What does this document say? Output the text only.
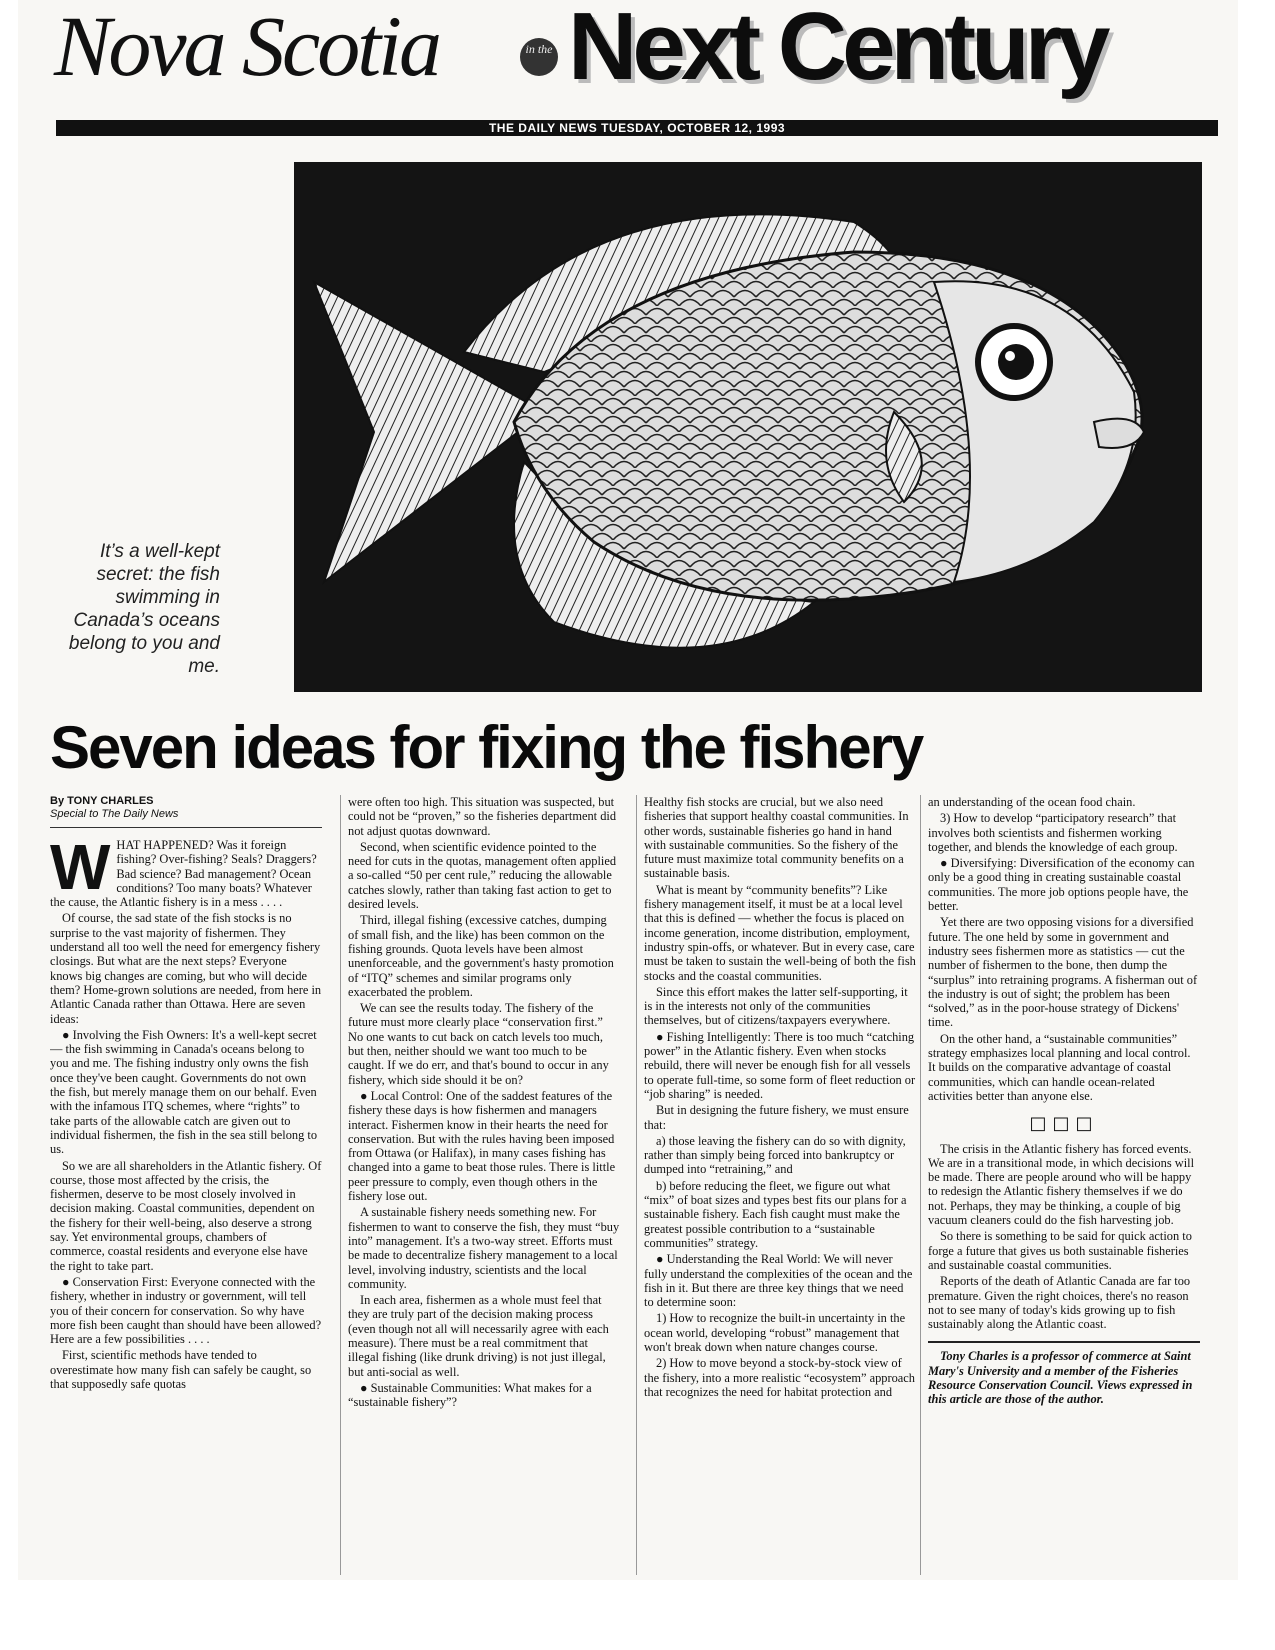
Nova Scotia	in the Next Century
THE DAILY NEWS TUESDAY, OCTOBER 12, 1993
It’s a well-kept secret: the fish swimming in Canada’s oceans belong to you and me.
Seven ideas for fixing the fishery
By TONY CHARLES
Special to The Daily News
W HAT HAPPENED? Was it foreign fishing? Over-fishing? Seals? Draggers? Bad science? Bad management? Ocean conditions? Too many boats? Whatever the cause, the Atlantic fishery is in a mess . . . .

Of course, the sad state of the fish stocks is no surprise to the vast majority of fishermen. They understand all too well the need for emergency fishery closings. But what are the next steps? Everyone knows big changes are coming, but who will decide them? Home-grown solutions are needed, from here in Atlantic Canada rather than Ottawa. Here are seven ideas:

● Involving the Fish Owners: It's a well-kept secret — the fish swimming in Canada's oceans belong to you and me. The fishing industry only owns the fish once they've been caught. Governments do not own the fish, but merely manage them on our behalf. Even with the infamous ITQ schemes, where “rights” to take parts of the allowable catch are given out to individual fishermen, the fish in the sea still belong to us.

So we are all shareholders in the Atlantic fishery. Of course, those most affected by the crisis, the fishermen, deserve to be most closely involved in decision making. Coastal communities, dependent on the fishery for their well-being, also deserve a strong say. Yet environmental groups, chambers of commerce, coastal residents and everyone else have the right to take part.

● Conservation First: Everyone connected with the fishery, whether in industry or government, will tell you of their concern for conservation. So why have more fish been caught than should have been allowed? Here are a few possibilities . . . .

First, scientific methods have tended to overestimate how many fish can safely be caught, so that supposedly safe quotas

were often too high. This situation was suspected, but could not be “proven,” so the fisheries department did not adjust quotas downward.

Second, when scientific evidence pointed to the need for cuts in the quotas, management often applied a so-called “50 per cent rule,” reducing the allowable catches slowly, rather than taking fast action to get to desired levels.

Third, illegal fishing (excessive catches, dumping of small fish, and the like) has been common on the fishing grounds. Quota levels have been almost unenforceable, and the government's hasty promotion of “ITQ” schemes and similar programs only exacerbated the problem.

We can see the results today. The fishery of the future must more clearly place “conservation first.” No one wants to cut back on catch levels too much, but then, neither should we want too much to be caught. If we do err, and that's bound to occur in any fishery, which side should it be on?

● Local Control: One of the saddest features of the fishery these days is how fishermen and managers interact. Fishermen know in their hearts the need for conservation. But with the rules having been imposed from Ottawa (or Halifax), in many cases fishing has changed into a game to beat those rules. There is little peer pressure to comply, even though others in the fishery lose out.

A sustainable fishery needs something new. For fishermen to want to conserve the fish, they must “buy into” management. It's a two-way street. Efforts must be made to decentralize fishery management to a local level, involving industry, scientists and the local community.

In each area, fishermen as a whole must feel that they are truly part of the decision making process (even though not all will necessarily agree with each measure). There must be a real commitment that illegal fishing (like drunk driving) is not just illegal, but anti-social as well.

● Sustainable Communities: What makes for a “sustainable fishery”?

Healthy fish stocks are crucial, but we also need fisheries that support healthy coastal communities. In other words, sustainable fisheries go hand in hand with sustainable communities. So the fishery of the future must maximize total community benefits on a sustainable basis.

What is meant by “community benefits”? Like fishery management itself, it must be at a local level that this is defined — whether the focus is placed on income generation, income distribution, employment, industry spin-offs, or whatever. But in every case, care must be taken to sustain the well-being of both the fish stocks and the coastal communities.

Since this effort makes the latter self-supporting, it is in the interests not only of the communities themselves, but of citizens/taxpayers everywhere.

● Fishing Intelligently: There is too much “catching power” in the Atlantic fishery. Even when stocks rebuild, there will never be enough fish for all vessels to operate full-time, so some form of fleet reduction or “job sharing” is needed.

But in designing the future fishery, we must ensure that:

a) those leaving the fishery can do so with dignity, rather than simply being forced into bankruptcy or dumped into “retraining,” and

b) before reducing the fleet, we figure out what “mix” of boat sizes and types best fits our plans for a sustainable fishery. Each fish caught must make the greatest possible contribution to a “sustainable communities” strategy.

● Understanding the Real World: We will never fully understand the complexities of the ocean and the fish in it. But there are three key things that we need to determine soon:

1) How to recognize the built-in uncertainty in the ocean world, developing “robust” management that won't break down when nature changes course.

2) How to move beyond a stock-by-stock view of the fishery, into a more realistic “ecosystem” approach that recognizes the need for habitat protection and

an understanding of the ocean food chain.

3) How to develop “participatory research” that involves both scientists and fishermen working together, and blends the knowledge of each group.

● Diversifying: Diversification of the economy can only be a good thing in creating sustainable coastal communities. The more job options people have, the better.

Yet there are two opposing visions for a diversified future. The one held by some in government and industry sees fishermen more as statistics — cut the number of fishermen to the bone, then dump the “surplus” into retraining programs. A fisherman out of the industry is out of sight; the problem has been “solved,” as in the poor-house strategy of Dickens' time.

On the other hand, a “sustainable communities” strategy emphasizes local planning and local control. It builds on the comparative advantage of coastal communities, which can handle ocean-related activities better than anyone else.

□□□

The crisis in the Atlantic fishery has forced events. We are in a transitional mode, in which decisions will be made. There are people around who will be happy to redesign the Atlantic fishery themselves if we do not. Perhaps, they may be thinking, a couple of big vacuum cleaners could do the fish harvesting job.

So there is something to be said for quick action to forge a future that gives us both sustainable fisheries and sustainable coastal communities.

Reports of the death of Atlantic Canada are far too premature. Given the right choices, there's no reason not to see many of today's kids growing up to fish sustainably along the Atlantic coast.

Tony Charles is a professor of commerce at Saint Mary's University and a member of the Fisheries Resource Conservation Council. Views expressed in this article are those of the author.
